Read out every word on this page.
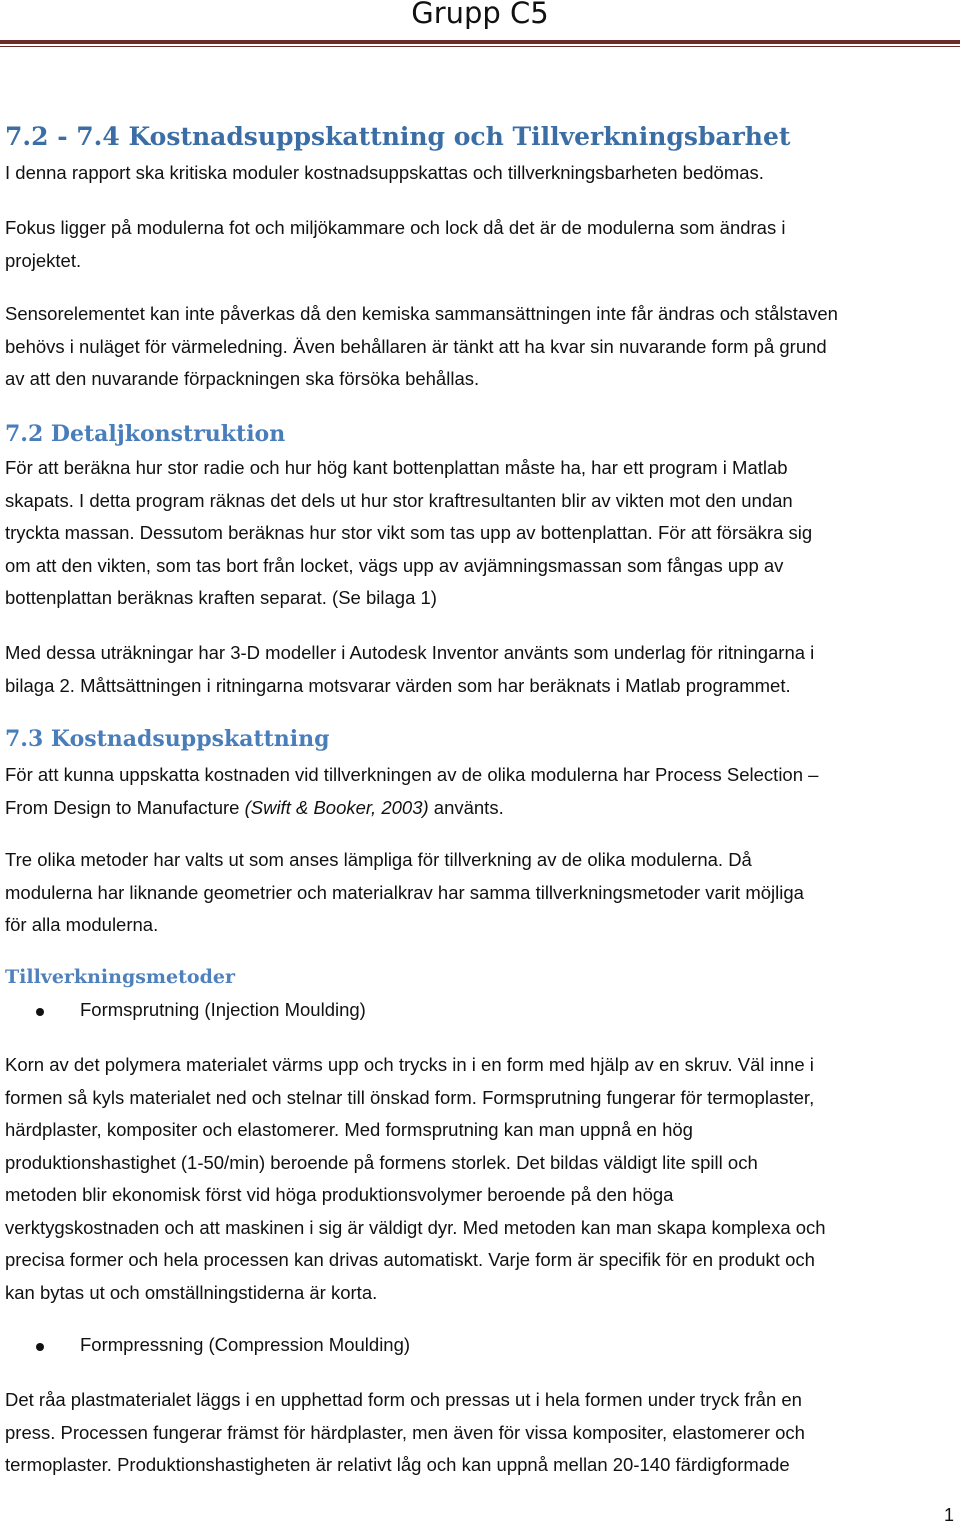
Grupp C5
7.2 - 7.4 Kostnadsuppskattning och Tillverkningsbarhet
I denna rapport ska kritiska moduler kostnadsuppskattas och tillverkningsbarheten bedömas.
Fokus ligger på modulerna fot och miljökammare och lock då det är de modulerna som ändras i
projektet.
Sensorelementet kan inte påverkas då den kemiska sammansättningen inte får ändras och stålstaven
behövs i nuläget för värmeledning. Även behållaren är tänkt att ha kvar sin nuvarande form på grund
av att den nuvarande förpackningen ska försöka behållas.
7.2 Detaljkonstruktion
För att beräkna hur stor radie och hur hög kant bottenplattan måste ha, har ett program i Matlab
skapats. I detta program räknas det dels ut hur stor kraftresultanten blir av vikten mot den undan
tryckta massan. Dessutom beräknas hur stor vikt som tas upp av bottenplattan. För att försäkra sig
om att den vikten, som tas bort från locket, vägs upp av avjämningsmassan som fångas upp av
bottenplattan beräknas kraften separat. (Se bilaga 1)
Med dessa uträkningar har 3-D modeller i Autodesk Inventor använts som underlag för ritningarna i
bilaga 2. Måttsättningen i ritningarna motsvarar värden som har beräknats i Matlab programmet.
7.3 Kostnadsuppskattning
För att kunna uppskatta kostnaden vid tillverkningen av de olika modulerna har Process Selection –
From Design to Manufacture (Swift & Booker, 2003) använts.
Tre olika metoder har valts ut som anses lämpliga för tillverkning av de olika modulerna. Då
modulerna har liknande geometrier och materialkrav har samma tillverkningsmetoder varit möjliga
för alla modulerna.
Tillverkningsmetoder

Formsprutning (Injection Moulding)

Korn av det polymera materialet värms upp och trycks in i en form med hjälp av en skruv. Väl inne i
formen så kyls materialet ned och stelnar till önskad form. Formsprutning fungerar för termoplaster,
härdplaster, kompositer och elastomerer. Med formsprutning kan man uppnå en hög
produktionshastighet (1-50/min) beroende på formens storlek. Det bildas väldigt lite spill och
metoden blir ekonomisk först vid höga produktionsvolymer beroende på den höga
verktygskostnaden och att maskinen i sig är väldigt dyr. Med metoden kan man skapa komplexa och
precisa former och hela processen kan drivas automatiskt. Varje form är specifik för en produkt och
kan bytas ut och omställningstiderna är korta.

Formpressning (Compression Moulding)

Det råa plastmaterialet läggs i en upphettad form och pressas ut i hela formen under tryck från en
press. Processen fungerar främst för härdplaster, men även för vissa kompositer, elastomerer och
termoplaster. Produktionshastigheten är relativt låg och kan uppnå mellan 20-140 färdigformade
1
